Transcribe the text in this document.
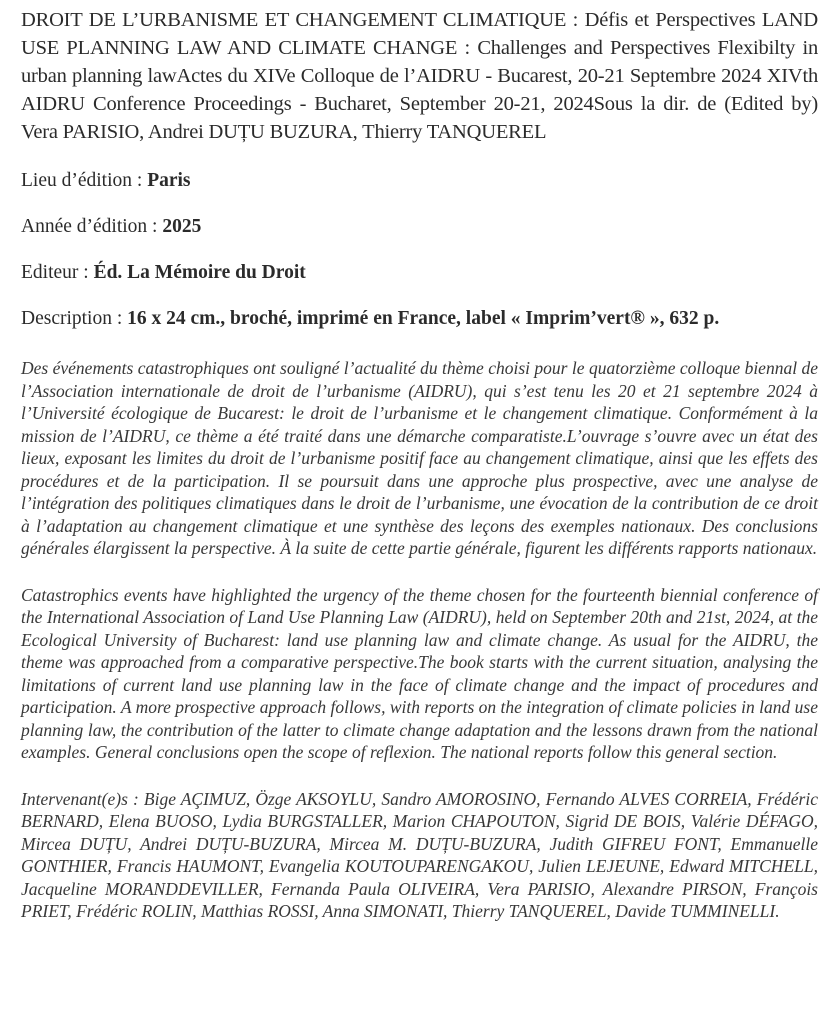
DROIT DE L’URBANISME ET CHANGEMENT CLIMATIQUE : Défis et Perspectives LAND USE PLANNING LAW AND CLIMATE CHANGE : Challenges and Perspectives Flexibilty in urban planning lawActes du XIVe Colloque de l’AIDRU - Bucarest, 20-21 Septembre 2024 XIVth AIDRU Conference Proceedings - Bucharet, September 20-21, 2024Sous la dir. de (Edited by) Vera PARISIO, Andrei DUȚU BUZURA, Thierry TANQUEREL
Lieu d’édition : Paris
Année d’édition : 2025
Editeur : Éd. La Mémoire du Droit
Description : 16 x 24 cm., broché, imprimé en France, label « Imprim’vert® », 632 p.

Des événements catastrophiques ont souligné l’actualité du thème choisi pour le quatorzième colloque biennal de l’Association internationale de droit de l’urbanisme (AIDRU), qui s’est tenu les 20 et 21 septembre 2024 à l’Université écologique de Bucarest: le droit de l’urbanisme et le changement climatique. Conformément à la mission de l’AIDRU, ce thème a été traité dans une démarche comparatiste.L’ouvrage s’ouvre avec un état des lieux, exposant les limites du droit de l’urbanisme positif face au changement climatique, ainsi que les effets des procédures et de la participation. Il se poursuit dans une approche plus prospective, avec une analyse de l’intégration des politiques climatiques dans le droit de l’urbanisme, une évocation de la contribution de ce droit à l’adaptation au changement climatique et une synthèse des leçons des exemples nationaux. Des conclusions générales élargissent la perspective. À la suite de cette partie générale, figurent les différents rapports nationaux.

Catastrophics events have highlighted the urgency of the theme chosen for the fourteenth biennial conference of the International Association of Land Use Planning Law (AIDRU), held on September 20th and 21st, 2024, at the Ecological University of Bucharest: land use planning law and climate change. As usual for the AIDRU, the theme was approached from a comparative perspective.The book starts with the current situation, analysing the limitations of current land use planning law in the face of climate change and the impact of procedures and participation. A more prospective approach follows, with reports on the integration of climate policies in land use planning law, the contribution of the latter to climate change adaptation and the lessons drawn from the national examples. General conclusions open the scope of reflexion. The national reports follow this general section.

Intervenant(e)s : Bige AÇIMUZ, Özge AKSOYLU, Sandro AMOROSINO, Fernando ALVES CORREIA, Frédéric BERNARD, Elena BUOSO, Lydia BURGSTALLER, Marion CHAPOUTON, Sigrid DE BOIS, Valérie DÉFAGO, Mircea DUȚU, Andrei DUȚU-BUZURA, Mircea M. DUȚU-BUZURA, Judith GIFREU FONT, Emmanuelle GONTHIER, Francis HAUMONT, Evangelia KOUTOUPARENGAKOU, Julien LEJEUNE, Edward MITCHELL, Jacqueline MORANDDEVILLER, Fernanda Paula OLIVEIRA, Vera PARISIO, Alexandre PIRSON, François PRIET, Frédéric ROLIN, Matthias ROSSI, Anna SIMONATI, Thierry TANQUEREL, Davide TUMMINELLI.
